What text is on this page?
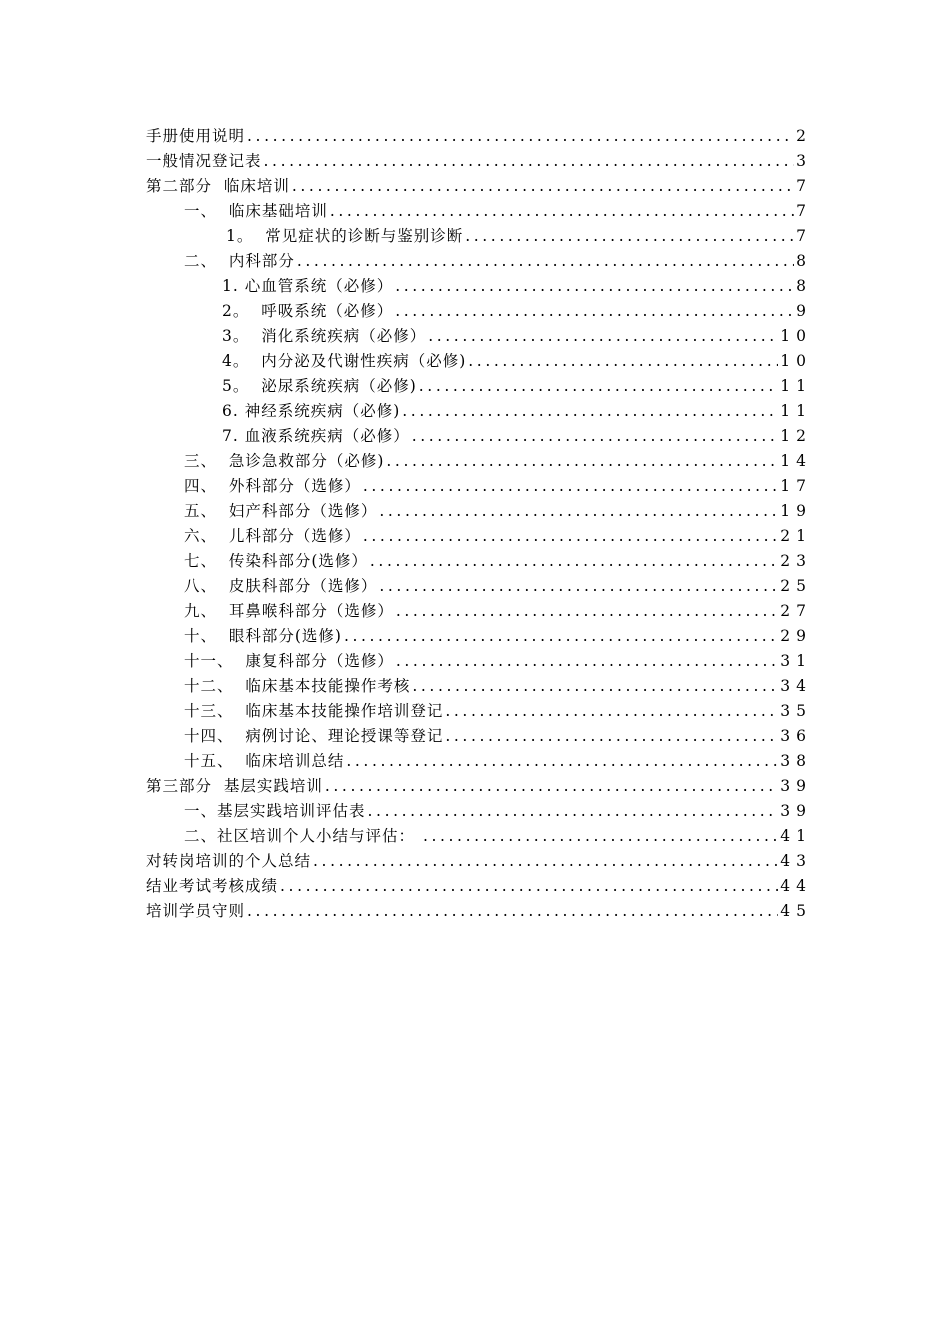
手册使用说明 .....	2
一般情况登记表 .....	3
第二部分  临床培训 .....	7
一、  临床基础培训 .....	7
1。  常见症状的诊断与鉴别诊断 .....	7
二、  内科部分 .....	8
1. 心血管系统（必修） .....	8
2。  呼吸系统（必修） .....	9
3。  消化系统疾病（必修） .....	10
4。  内分泌及代谢性疾病（必修) .....	10
5。  泌尿系统疾病（必修) .....	11
6. 神经系统疾病（必修) .....	11
7. 血液系统疾病（必修） .....	12
三、  急诊急救部分（必修) .....	14
四、  外科部分（选修） .....	17
五、  妇产科部分（选修） .....	19
六、  儿科部分（选修） .....	21
七、  传染科部分(选修） .....	23
八、  皮肤科部分（选修） .....	25
九、  耳鼻喉科部分（选修） .....	27
十、  眼科部分(选修) .....	29
十一、  康复科部分（选修） .....	31
十二、  临床基本技能操作考核 .....	34
十三、  临床基本技能操作培训登记 .....	35
十四、  病例讨论、理论授课等登记 .....	36
十五、  临床培训总结 .....	38
第三部分  基层实践培训 .....	39
一、基层实践培训评估表 .....	39
二、社区培训个人小结与评估： .....	41
对转岗培训的个人总结 .....	43
结业考试考核成绩 .....	44
培训学员守则 .....	45
